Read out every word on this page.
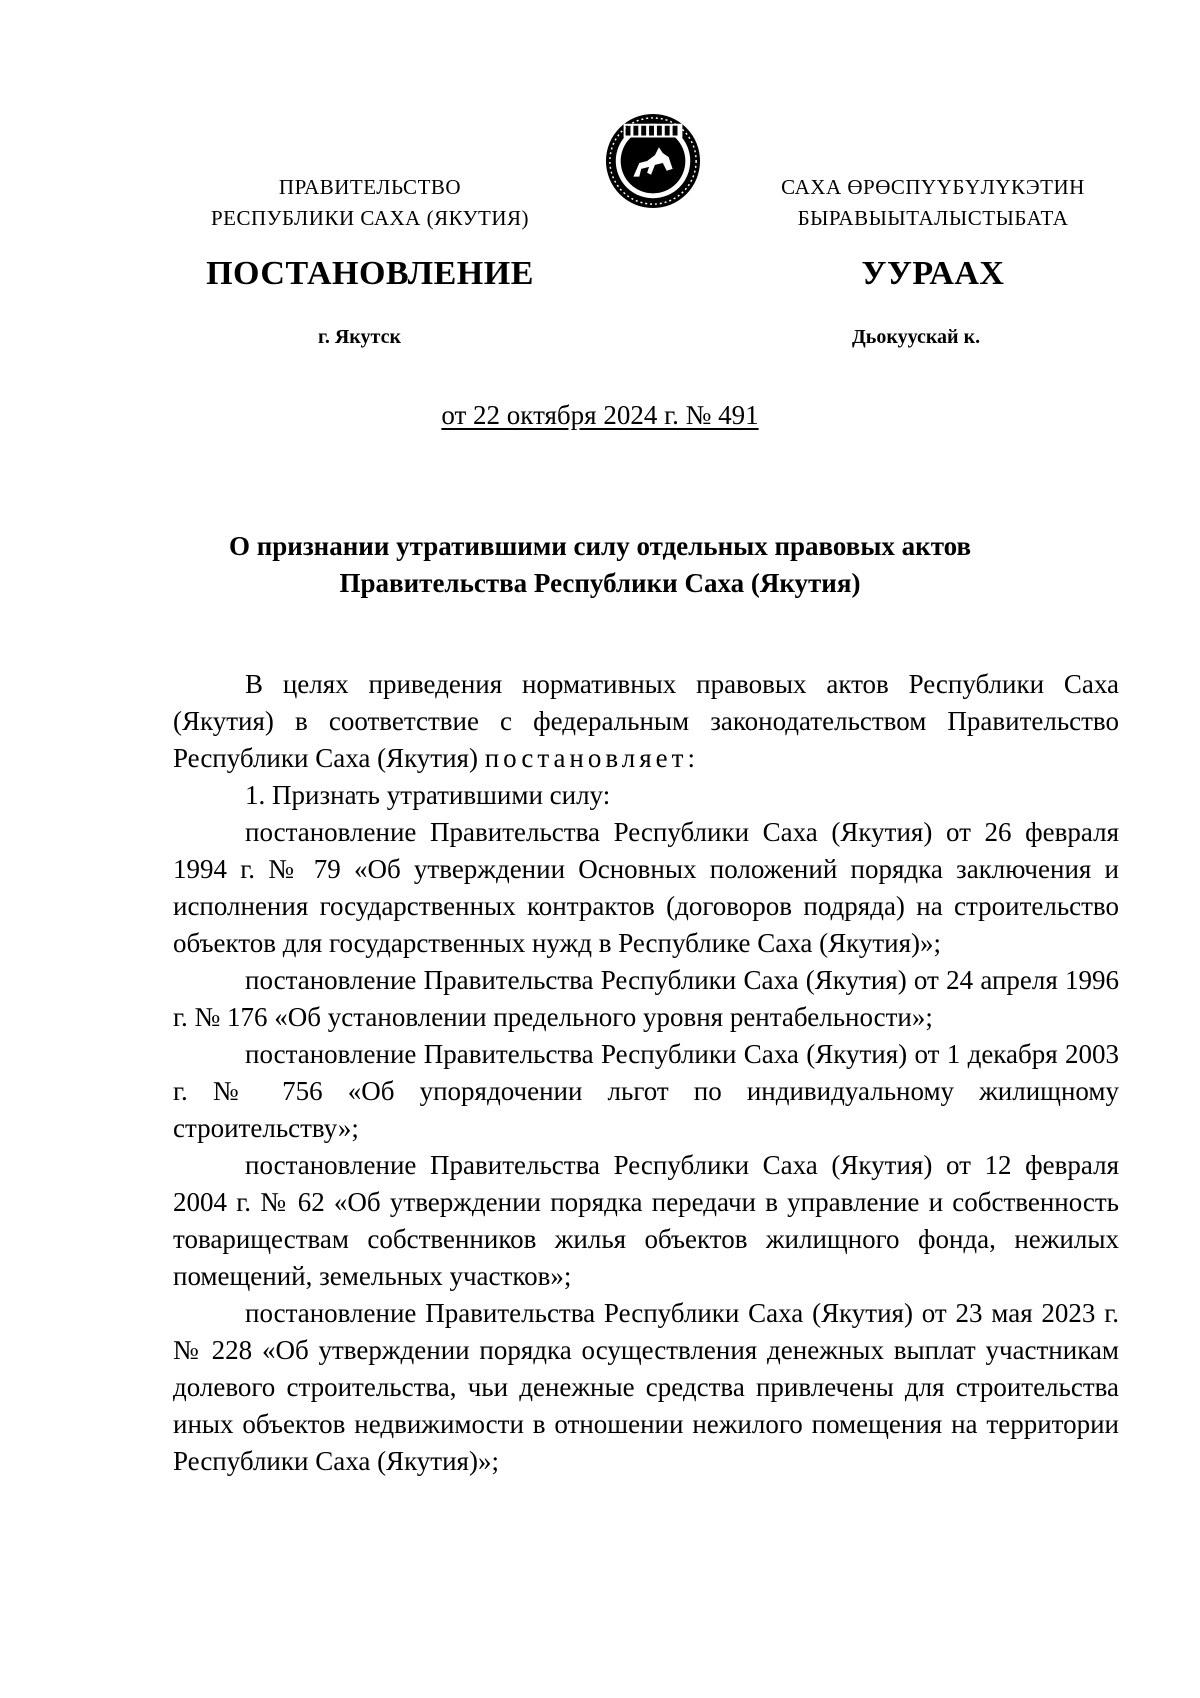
ПРАВИТЕЛЬСТВО
РЕСПУБЛИКИ САХА (ЯКУТИЯ)
САХА ӨРӨСПҮҮБҮЛҮКЭТИН
БЫРАВЫЫТАЛЫСТЫБАТА
ПОСТАНОВЛЕНИЕ	УУРААХ
г. Якутск	Дьокуускай к.
от 22 октября 2024 г. № 491
О признании утратившими силу отдельных правовых актов
Правительства Республики Саха (Якутия)

В целях приведения нормативных правовых актов Республики Саха (Якутия) в соответствие с федеральным законодательством Правительство Республики Саха (Якутия) постановляет:

1. Признать утратившими силу:

постановление Правительства Республики Саха (Якутия) от 26 февраля 1994 г. № 79 «Об утверждении Основных положений порядка заключения и исполнения государственных контрактов (договоров подряда) на строительство объектов для государственных нужд в Республике Саха (Якутия)»;

постановление Правительства Республики Саха (Якутия) от 24 апреля 1996 г. № 176 «Об установлении предельного уровня рентабельности»;

постановление Правительства Республики Саха (Якутия) от 1 декабря 2003 г. № 756 «Об упорядочении льгот по индивидуальному жилищному строительству»;

постановление Правительства Республики Саха (Якутия) от 12 февраля 2004 г. № 62 «Об утверждении порядка передачи в управление и собственность товариществам собственников жилья объектов жилищного фонда, нежилых помещений, земельных участков»;

постановление Правительства Республики Саха (Якутия) от 23 мая 2023 г. № 228 «Об утверждении порядка осуществления денежных выплат участникам долевого строительства, чьи денежные средства привлечены для строительства иных объектов недвижимости в отношении нежилого помещения на территории Республики Саха (Якутия)»;
